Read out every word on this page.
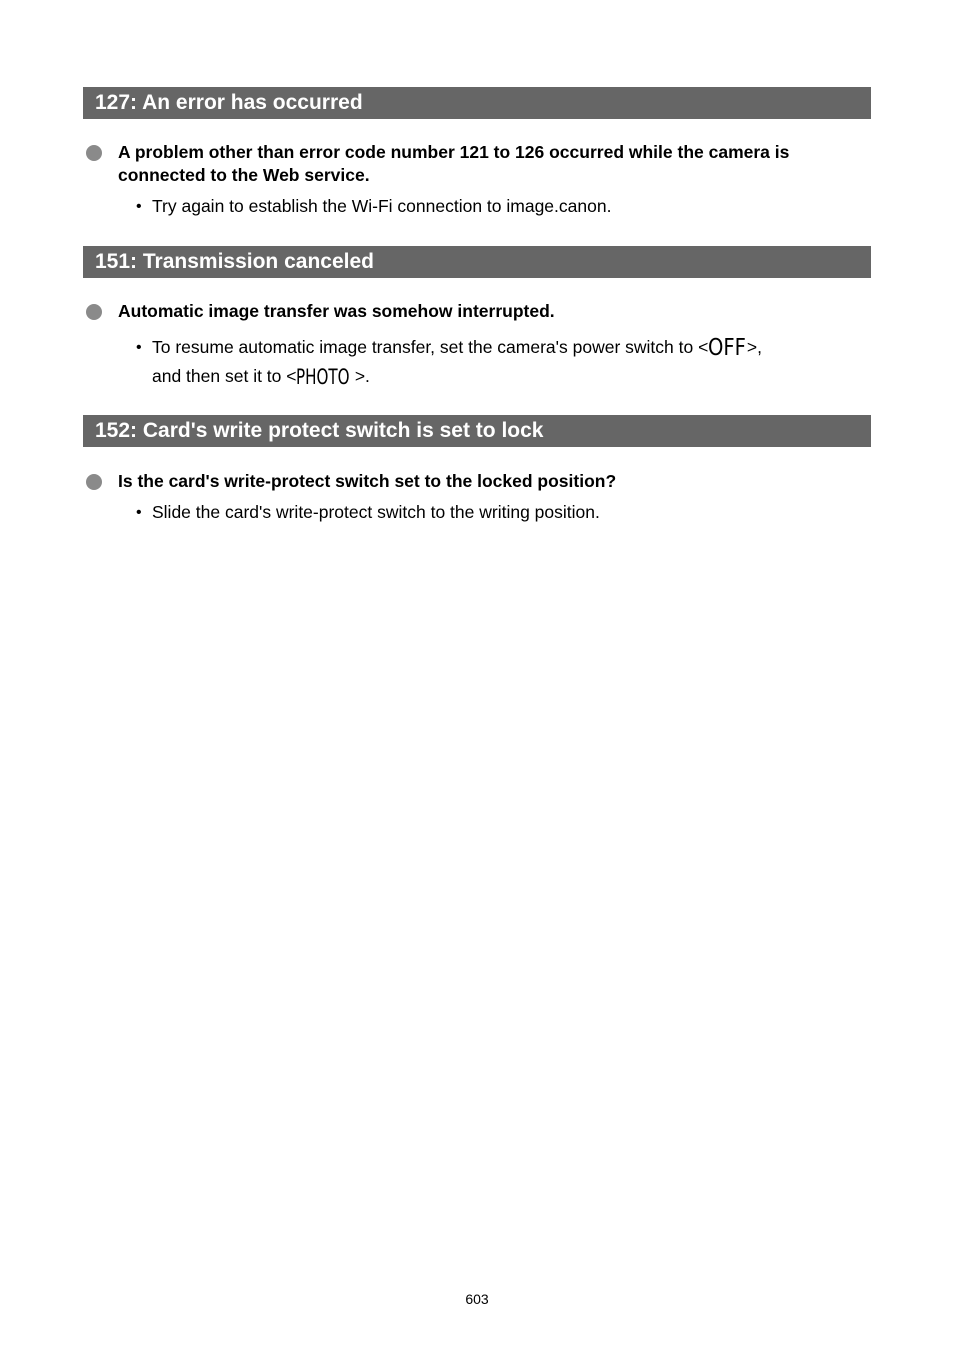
127: An error has occurred
A problem other than error code number 121 to 126 occurred while the camera is connected to the Web service.
• Try again to establish the Wi-Fi connection to image.canon.
151: Transmission canceled
Automatic image transfer was somehow interrupted.
• To resume automatic image transfer, set the camera's power switch to <OFF>,
and then set it to <PHOTO >.
152: Card's write protect switch is set to lock
Is the card's write-protect switch set to the locked position?
• Slide the card's write-protect switch to the writing position.
603
